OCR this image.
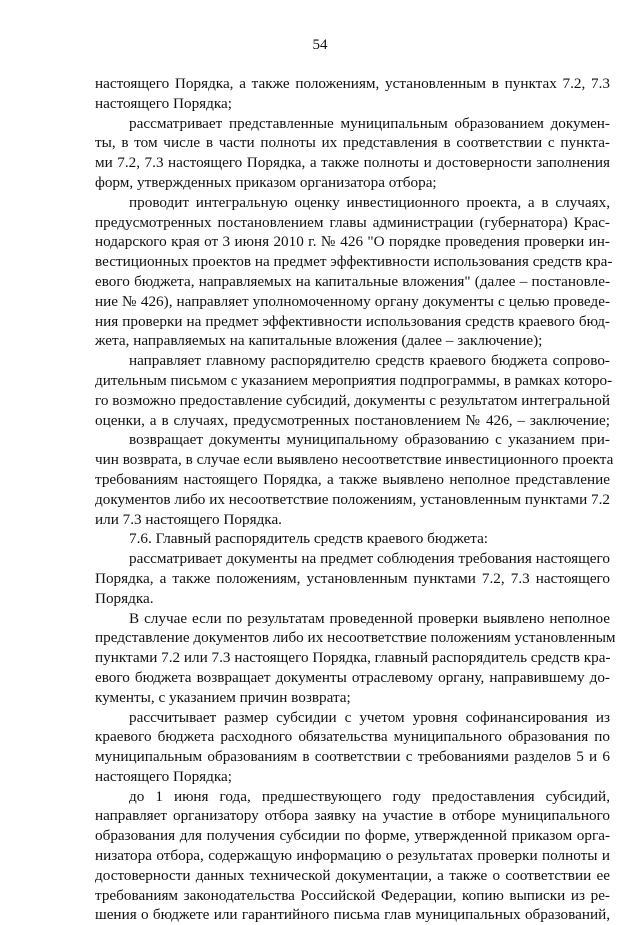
54
настоящего Порядка, а также положениям, установленным в пунктах 7.2, 7.3
настоящего Порядка;
рассматривает представленные муниципальным образованием докумен-
ты, в том числе в части полноты их представления в соответствии с пункта-
ми 7.2, 7.3 настоящего Порядка, а также полноты и достоверности заполнения
форм, утвержденных приказом организатора отбора;
проводит интегральную оценку инвестиционного проекта, а в случаях,
предусмотренных постановлением главы администрации (губернатора) Крас-
нодарского края от 3 июня 2010 г. № 426 "О порядке проведения проверки ин-
вестиционных проектов на предмет эффективности использования средств кра-
евого бюджета, направляемых на капитальные вложения" (далее – постановле-
ние № 426), направляет уполномоченному органу документы с целью проведе-
ния проверки на предмет эффективности использования средств краевого бюд-
жета, направляемых на капитальные вложения (далее – заключение);
направляет главному распорядителю средств краевого бюджета сопрово-
дительным письмом с указанием мероприятия подпрограммы, в рамках которо-
го возможно предоставление субсидий, документы с результатом интегральной
оценки, а в случаях, предусмотренных постановлением № 426, – заключение;
возвращает документы муниципальному образованию с указанием при-
чин возврата, в случае если выявлено несоответствие инвестиционного проекта
требованиям настоящего Порядка, а также выявлено неполное представление
документов либо их несоответствие положениям, установленным пунктами 7.2
или 7.3 настоящего Порядка.
7.6. Главный распорядитель средств краевого бюджета:
рассматривает документы на предмет соблюдения требования настоящего
Порядка, а также положениям, установленным пунктами 7.2, 7.3 настоящего
Порядка.
В случае если по результатам проведенной проверки выявлено неполное
представление документов либо их несоответствие положениям установленным
пунктами 7.2 или 7.3 настоящего Порядка, главный распорядитель средств кра-
евого бюджета возвращает документы отраслевому органу, направившему до-
кументы, с указанием причин возврата;
рассчитывает размер субсидии с учетом уровня софинансирования из
краевого бюджета расходного обязательства муниципального образования по
муниципальным образованиям в соответствии с требованиями разделов 5 и 6
настоящего Порядка;
до 1 июня года, предшествующего году предоставления субсидий,
направляет организатору отбора заявку на участие в отборе муниципального
образования для получения субсидии по форме, утвержденной приказом орга-
низатора отбора, содержащую информацию о результатах проверки полноты и
достоверности данных технической документации, а также о соответствии ее
требованиям законодательства Российской Федерации, копию выписки из ре-
шения о бюджете или гарантийного письма глав муниципальных образований,
